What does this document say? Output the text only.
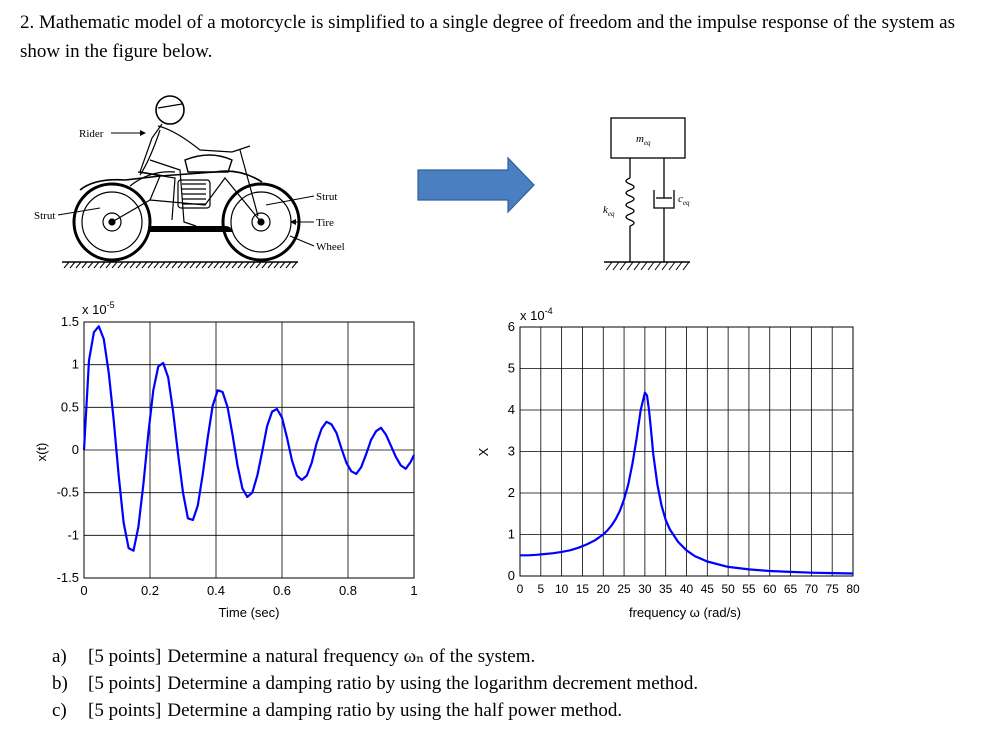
2. Mathematic model of a motorcycle is simplified to a single degree of freedom and the impulse response of the system as show in the figure below.
Rider
Strut
Strut
Tire
Wheel
$m_{eq}$
$k_{eq}$
$c_{eq}$
x $10^{-5}$
x(t)
Time (sec)
1.5
1
0.5
0
-0.5
-1
-1.5
0	0.2	0.4	0.6	0.8	1
x $10^{-4}$
X
frequency ω (rad/s)
6
5
4
3
2
1
0
0 5 10 15 20 25 30 35 40 45 50 55 60 65 70 75 80
a)	[5 points] Determine a natural frequency ωₙ of the system.
b)	[5 points] Determine a damping ratio by using the logarithm decrement method.
c)	[5 points] Determine a damping ratio by using the half power method.
